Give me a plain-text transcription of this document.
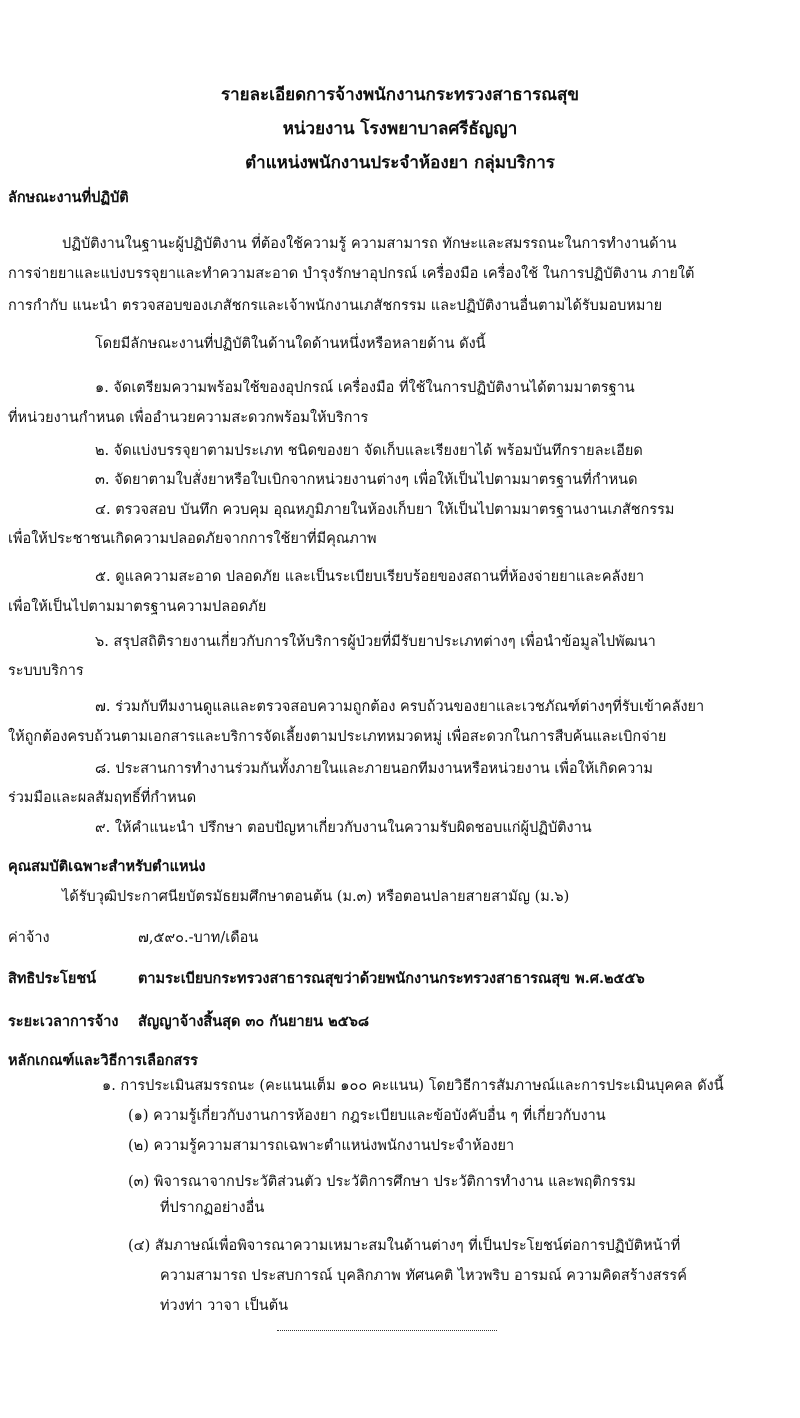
รายละเอียดการจ้างพนักงานกระทรวงสาธารณสุข
หน่วยงาน โรงพยาบาลศรีธัญญา
ตำแหน่งพนักงานประจำห้องยา กลุ่มบริการ
ลักษณะงานที่ปฏิบัติ
ปฏิบัติงานในฐานะผู้ปฏิบัติงาน ที่ต้องใช้ความรู้ ความสามารถ ทักษะและสมรรถนะในการทำงานด้าน
การจ่ายยาและแบ่งบรรจุยาและทำความสะอาด บำรุงรักษาอุปกรณ์ เครื่องมือ เครื่องใช้ ในการปฏิบัติงาน ภายใต้
การกำกับ แนะนำ ตรวจสอบของเภสัชกรและเจ้าพนักงานเภสัชกรรม และปฏิบัติงานอื่นตามได้รับมอบหมาย
โดยมีลักษณะงานที่ปฏิบัติในด้านใดด้านหนึ่งหรือหลายด้าน ดังนี้
๑. จัดเตรียมความพร้อมใช้ของอุปกรณ์ เครื่องมือ ที่ใช้ในการปฏิบัติงานได้ตามมาตรฐาน
ที่หน่วยงานกำหนด เพื่ออำนวยความสะดวกพร้อมให้บริการ
๒. จัดแบ่งบรรจุยาตามประเภท ชนิดของยา จัดเก็บและเรียงยาได้ พร้อมบันทึกรายละเอียด
๓. จัดยาตามใบสั่งยาหรือใบเบิกจากหน่วยงานต่างๆ เพื่อให้เป็นไปตามมาตรฐานที่กำหนด
๔. ตรวจสอบ บันทึก ควบคุม อุณหภูมิภายในห้องเก็บยา ให้เป็นไปตามมาตรฐานงานเภสัชกรรม
เพื่อให้ประชาชนเกิดความปลอดภัยจากการใช้ยาที่มีคุณภาพ
๕. ดูแลความสะอาด ปลอดภัย และเป็นระเบียบเรียบร้อยของสถานที่ห้องจ่ายยาและคลังยา
เพื่อให้เป็นไปตามมาตรฐานความปลอดภัย
๖. สรุปสถิติรายงานเกี่ยวกับการให้บริการผู้ป่วยที่มีรับยาประเภทต่างๆ เพื่อนำข้อมูลไปพัฒนา
ระบบบริการ
๗. ร่วมกับทีมงานดูแลและตรวจสอบความถูกต้อง ครบถ้วนของยาและเวชภัณฑ์ต่างๆที่รับเข้าคลังยา
ให้ถูกต้องครบถ้วนตามเอกสารและบริการจัดเลี้ยงตามประเภทหมวดหมู่ เพื่อสะดวกในการสืบค้นและเบิกจ่าย
๘. ประสานการทำงานร่วมกันทั้งภายในและภายนอกทีมงานหรือหน่วยงาน เพื่อให้เกิดความ
ร่วมมือและผลสัมฤทธิ์ที่กำหนด
๙. ให้คำแนะนำ ปรึกษา ตอบปัญหาเกี่ยวกับงานในความรับผิดชอบแก่ผู้ปฏิบัติงาน
คุณสมบัติเฉพาะสำหรับตำแหน่ง
ได้รับวุฒิประกาศนียบัตรมัธยมศึกษาตอนต้น (ม.๓) หรือตอนปลายสายสามัญ (ม.๖)
ค่าจ้าง	๗,๕๙๐.-บาท/เดือน
สิทธิประโยชน์	ตามระเบียบกระทรวงสาธารณสุขว่าด้วยพนักงานกระทรวงสาธารณสุข พ.ศ.๒๕๕๖
ระยะเวลาการจ้าง สัญญาจ้างสิ้นสุด ๓๐ กันยายน ๒๕๖๘
หลักเกณฑ์และวิธีการเลือกสรร
๑. การประเมินสมรรถนะ (คะแนนเต็ม ๑๐๐ คะแนน) โดยวิธีการสัมภาษณ์และการประเมินบุคคล ดังนี้
(๑) ความรู้เกี่ยวกับงานการห้องยา กฎระเบียบและข้อบังคับอื่น ๆ ที่เกี่ยวกับงาน
(๒) ความรู้ความสามารถเฉพาะตำแหน่งพนักงานประจำห้องยา
(๓) พิจารณาจากประวัติส่วนตัว ประวัติการศึกษา ประวัติการทำงาน และพฤติกรรม
ที่ปรากฏอย่างอื่น
(๔) สัมภาษณ์เพื่อพิจารณาความเหมาะสมในด้านต่างๆ ที่เป็นประโยชน์ต่อการปฏิบัติหน้าที่
ความสามารถ ประสบการณ์ บุคลิกภาพ ทัศนคติ ไหวพริบ อารมณ์ ความคิดสร้างสรรค์
ท่วงท่า วาจา เป็นต้น
